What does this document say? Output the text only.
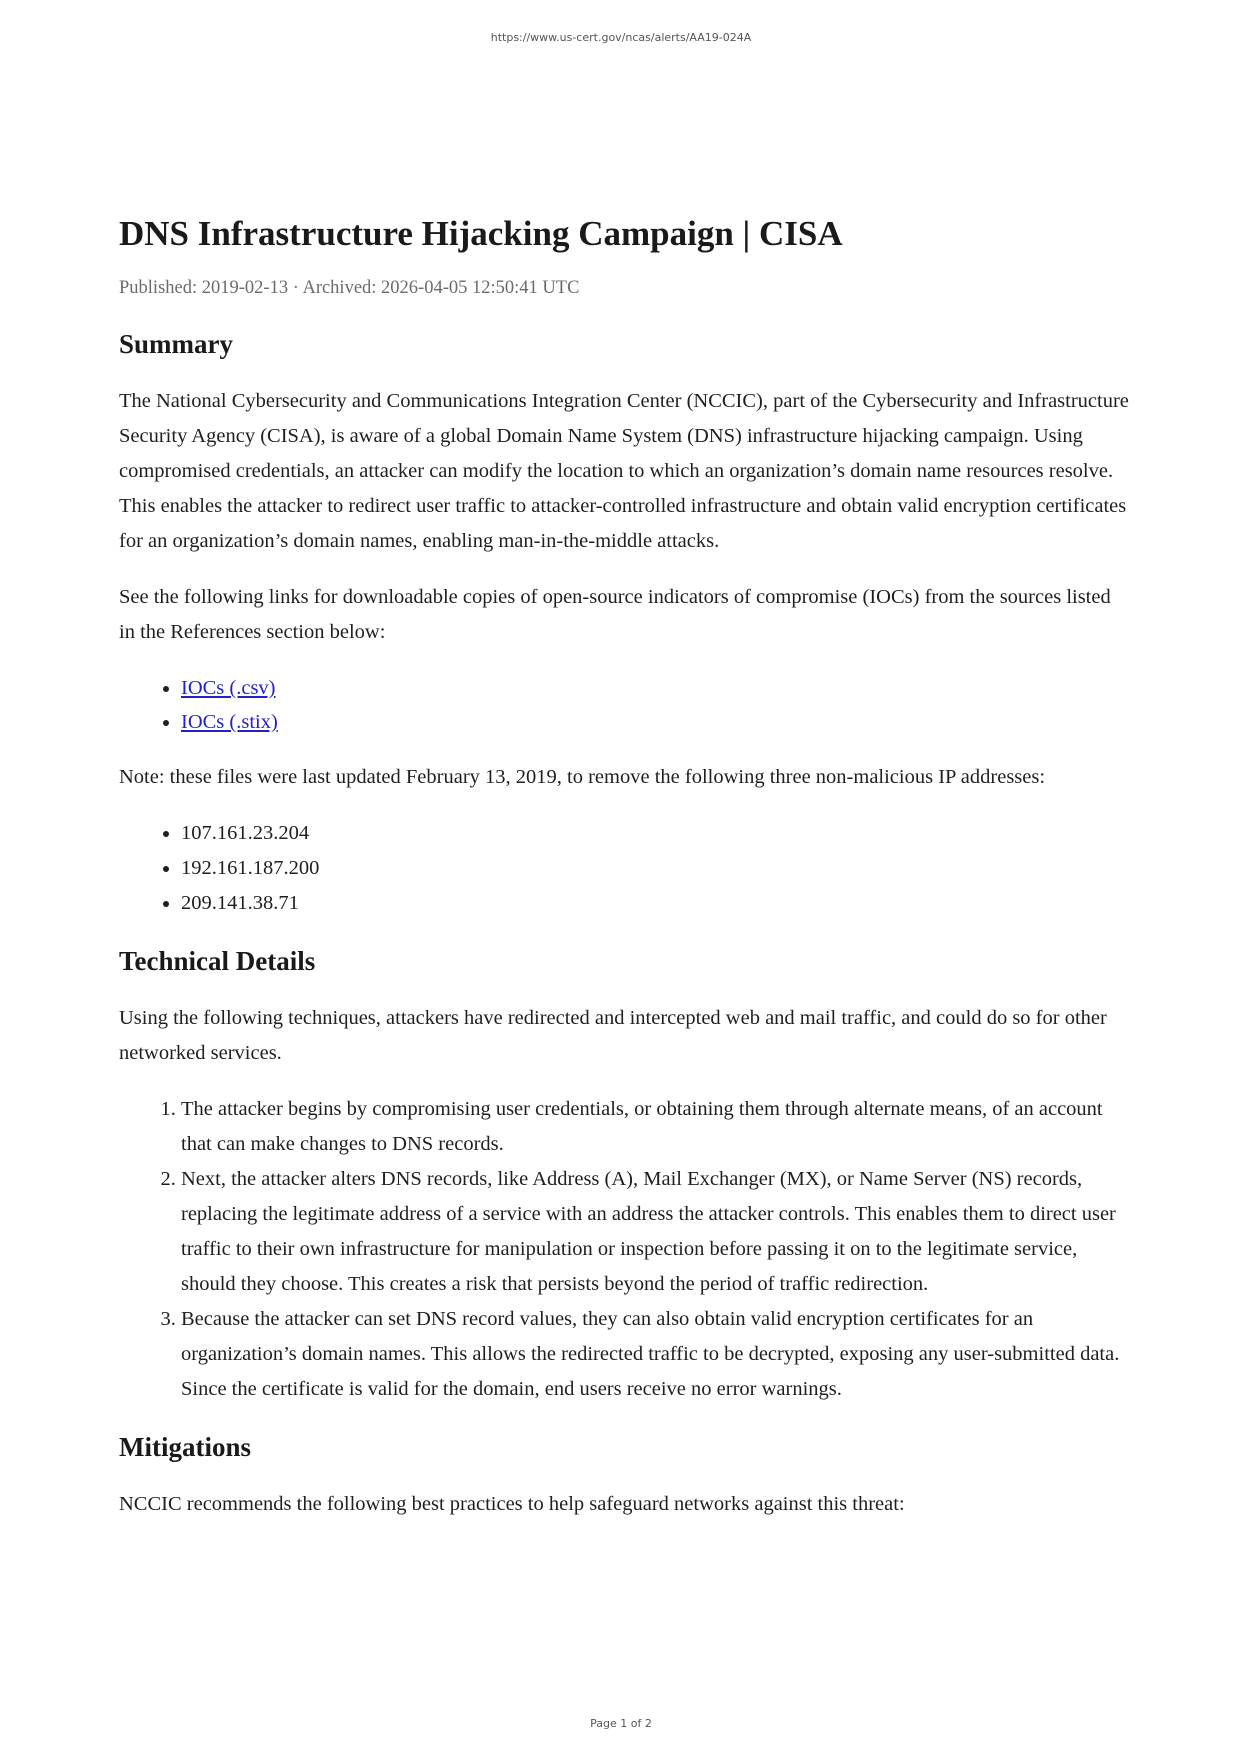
https://www.us-cert.gov/ncas/alerts/AA19-024A
DNS Infrastructure Hijacking Campaign | CISA
Published: 2019-02-13 · Archived: 2026-04-05 12:50:41 UTC
Summary

The National Cybersecurity and Communications Integration Center (NCCIC), part of the Cybersecurity and Infrastructure Security Agency (CISA), is aware of a global Domain Name System (DNS) infrastructure hijacking campaign. Using compromised credentials, an attacker can modify the location to which an organization’s domain name resources resolve. This enables the attacker to redirect user traffic to attacker-controlled infrastructure and obtain valid encryption certificates for an organization’s domain names, enabling man-in-the-middle attacks.

See the following links for downloadable copies of open-source indicators of compromise (IOCs) from the sources listed in the References section below:

• IOCs (.csv)
• IOCs (.stix)

Note: these files were last updated February 13, 2019, to remove the following three non-malicious IP addresses:

• 107.161.23.204
• 192.161.187.200
• 209.141.38.71
Technical Details

Using the following techniques, attackers have redirected and intercepted web and mail traffic, and could do so for other networked services.

1. The attacker begins by compromising user credentials, or obtaining them through alternate means, of an account that can make changes to DNS records.
2. Next, the attacker alters DNS records, like Address (A), Mail Exchanger (MX), or Name Server (NS) records, replacing the legitimate address of a service with an address the attacker controls. This enables them to direct user traffic to their own infrastructure for manipulation or inspection before passing it on to the legitimate service, should they choose. This creates a risk that persists beyond the period of traffic redirection.
3. Because the attacker can set DNS record values, they can also obtain valid encryption certificates for an organization’s domain names. This allows the redirected traffic to be decrypted, exposing any user-submitted data. Since the certificate is valid for the domain, end users receive no error warnings.
Mitigations

NCCIC recommends the following best practices to help safeguard networks against this threat:

Page 1 of 2
